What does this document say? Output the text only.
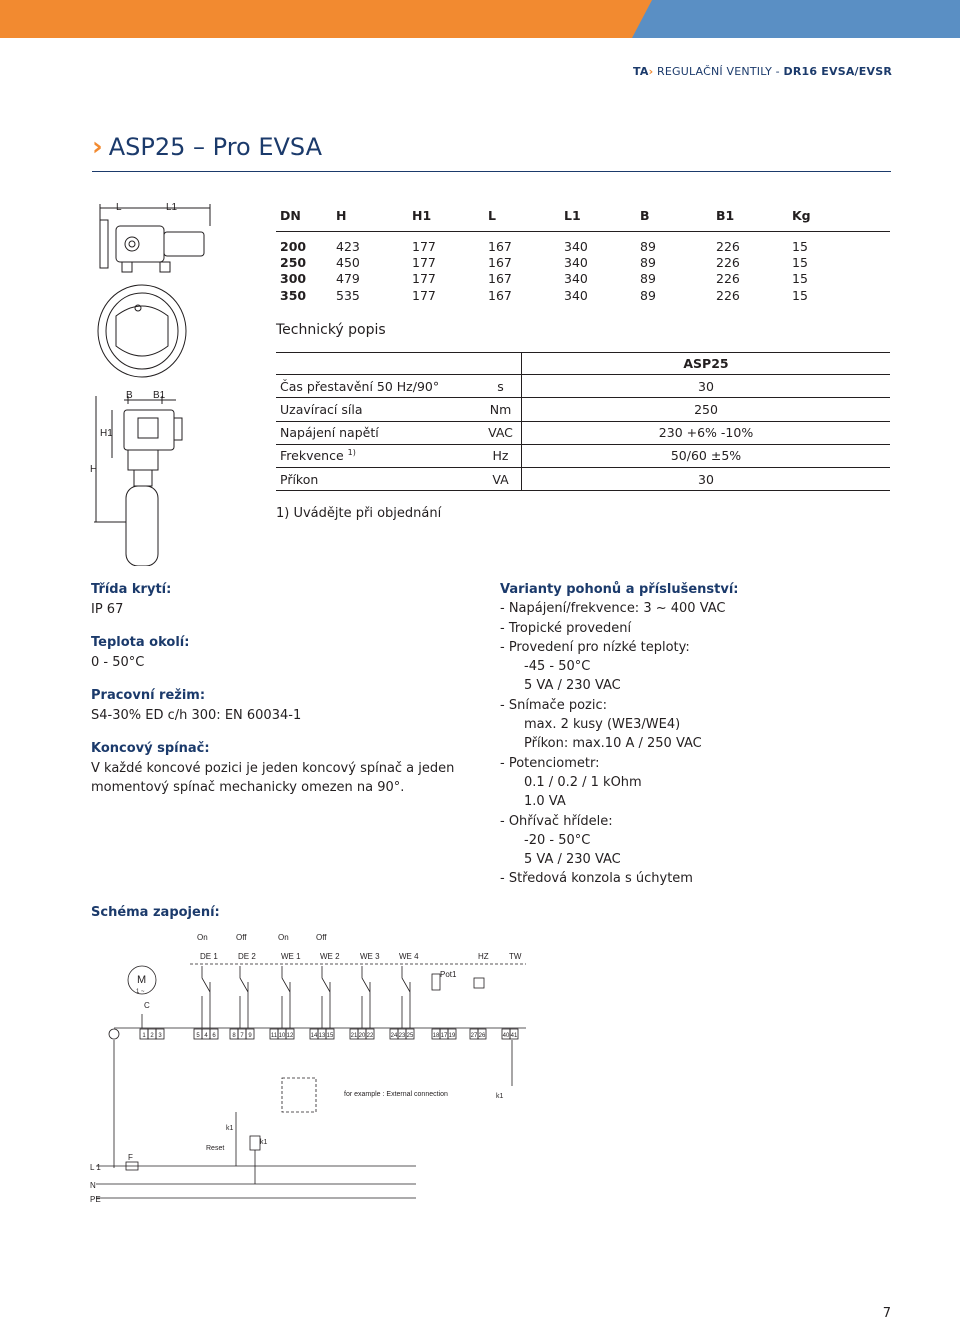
TA› REGULAČNÍ VENTILY - DR16 EVSA/EVSR
› ASP25 – Pro EVSA
L	L1
B B1
H1
H
DN	H	H1	L	L1	B	B1	Kg
200	423	177	167	340	89	226	15
250	450	177	167	340	89	226	15
300	479	177	167	340	89	226	15
350	535	177	167	340	89	226	15
Technický popis
ASP25
Čas přestavění 50 Hz/90°	s	30
Uzavírací síla	Nm	250
Napájení napětí	VAC	230 +6% -10%
Frekvence $^{1)}$	Hz	50/60 ±5%
Příkon	VA	30
1) Uvádějte při objednání
Třída krytí:
IP 67
Teplota okolí:
0 - 50°C
Pracovní režim:
S4-30% ED c/h 300: EN 60034-1
Koncový spínač:
V každé koncové pozici je jeden koncový spínač a jeden
momentový spínač mechanicky omezen na 90°.
Varianty pohonů a příslušenství:
- Napájení/frekvence: 3 ~ 400 VAC
- Tropické provedení
- Provedení pro nízké teploty:
-45 - 50°C
5 VA / 230 VAC
- Snímače pozic:
max. 2 kusy (WE3/WE4)
Příkon: max.10 A / 250 VAC
- Potenciometr:
0.1 / 0.2 / 1 kOhm
1.0 VA
- Ohřívač hřídele:
-20 - 50°C
5 VA / 230 VAC
- Středová konzola s úchytem
Schéma zapojení:
On	Off	On	Off
DE 1	DE 2	WE 1 WE 2	WE 3 WE 4	HZ	TW
M
1 ~
C
Pot1
1 2 3	5 4 6	8 7 9	11 10 12	14 13 15	21 20 22	24 23 25	18 17 19	27 26	40 41
L 1
N
PE
F
for example : External connection	k1
k1
k1
Reset
7
